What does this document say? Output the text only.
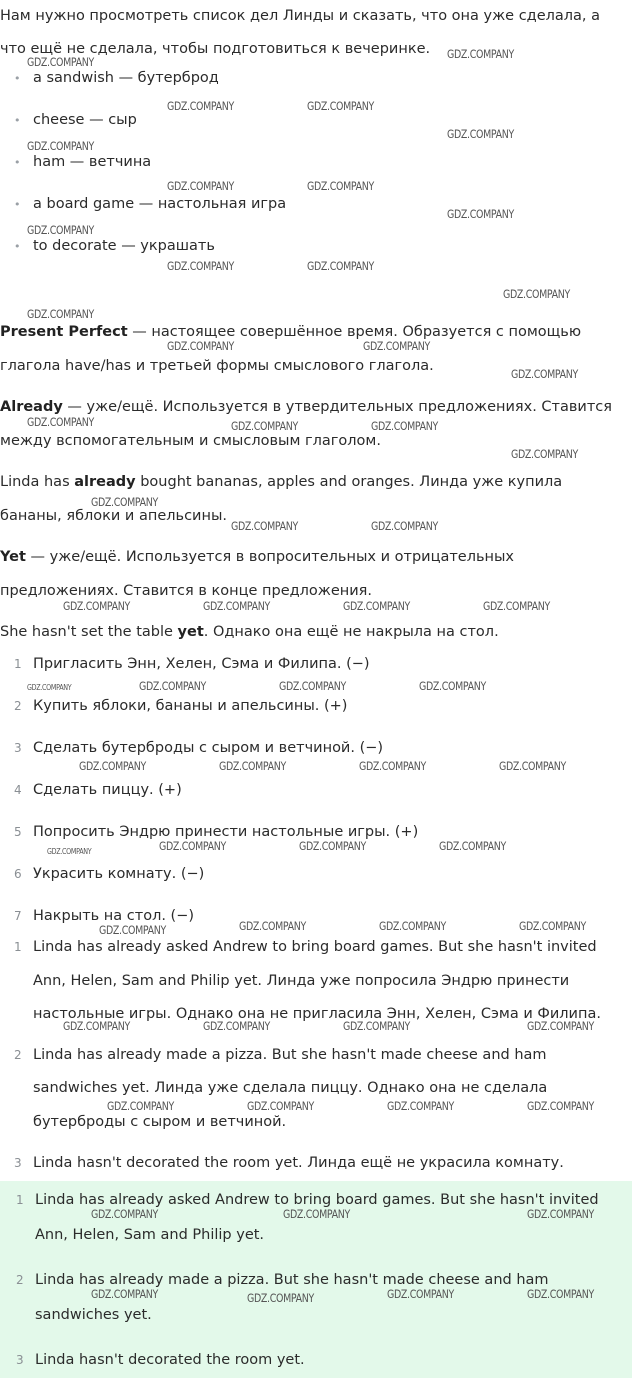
Нам нужно просмотреть список дел Линды и сказать, что она уже сделала, а что ещё не сделала, чтобы подготовиться к вечеринке.

• a sandwish — бутерброд
• cheese — сыр
• ham — ветчина
• a board game — настольная игра
• to decorate — украшать

Present Perfect — настоящее совершённое время. Образуется с помощью глагола have/has и третьей формы смыслового глагола.

Already — уже/ещё. Используется в утвердительных предложениях. Ставится между вспомогательным и смысловым глаголом.

Linda has already bought bananas, apples and oranges. Линда уже купила бананы, яблоки и апельсины.

Yet — уже/ещё. Используется в вопросительных и отрицательных предложениях. Ставится в конце предложения.

She hasn't set the table yet. Однако она ещё не накрыла на стол.

1 Пригласить Энн, Хелен, Сэма и Филипа. (−)
2 Купить яблоки, бананы и апельсины. (+)
3 Сделать бутерброды с сыром и ветчиной. (−)
4 Сделать пиццу. (+)
5 Попросить Эндрю принести настольные игры. (+)
6 Украсить комнату. (−)
7 Накрыть на стол. (−)
1 Linda has already asked Andrew to bring board games. But she hasn't invited Ann, Helen, Sam and Philip yet. Линда уже попросила Эндрю принести настольные игры. Однако она не пригласила Энн, Хелен, Сэма и Филипа.
2 Linda has already made a pizza. But she hasn't made cheese and ham sandwiches yet. Линда уже сделала пиццу. Однако она не сделала бутерброды с сыром и ветчиной.
3 Linda hasn't decorated the room yet. Линда ещё не украсила комнату.
1 Linda has already asked Andrew to bring board games. But she hasn't invited Ann, Helen, Sam and Philip yet.
2 Linda has already made a pizza. But she hasn't made cheese and ham sandwiches yet.
3 Linda hasn't decorated the room yet.
GDZ.COMPANY
GDZ.COMPANY
GDZ.COMPANY	GDZ.COMPANY
GDZ.COMPANY
GDZ.COMPANY
GDZ.COMPANY	GDZ.COMPANY
GDZ.COMPANY
GDZ.COMPANY
GDZ.COMPANY	GDZ.COMPANY
GDZ.COMPANY
GDZ.COMPANY
GDZ.COMPANY	GDZ.COMPANY
GDZ.COMPANY
GDZ.COMPANY	GDZ.COMPANY	GDZ.COMPANY
GDZ.COMPANY
GDZ.COMPANY
GDZ.COMPANY	GDZ.COMPANY
GDZ.COMPANY	GDZ.COMPANY	GDZ.COMPANY	GDZ.COMPANY
GDZ.COMPANY	GDZ.COMPANY	GDZ.COMPANY
GDZ.COMPANY	GDZ.COMPANY	GDZ.COMPANY	GDZ.COMPANY
GDZ.COMPANY	GDZ.COMPANY	GDZ.COMPANY
GDZ.COMPANY	GDZ.COMPANY	GDZ.COMPANY	GDZ.COMPANY
GDZ.COMPANY	GDZ.COMPANY	GDZ.COMPANY	GDZ.COMPANY
GDZ.COMPANY	GDZ.COMPANY	GDZ.COMPANY	GDZ.COMPANY
GDZ.COMPANY	GDZ.COMPANY	GDZ.COMPANY
GDZ.COMPANY	GDZ.COMPANY	GDZ.COMPANY	GDZ.COMPANY
GDZ.COMPANY
GDZ.COMPANY
